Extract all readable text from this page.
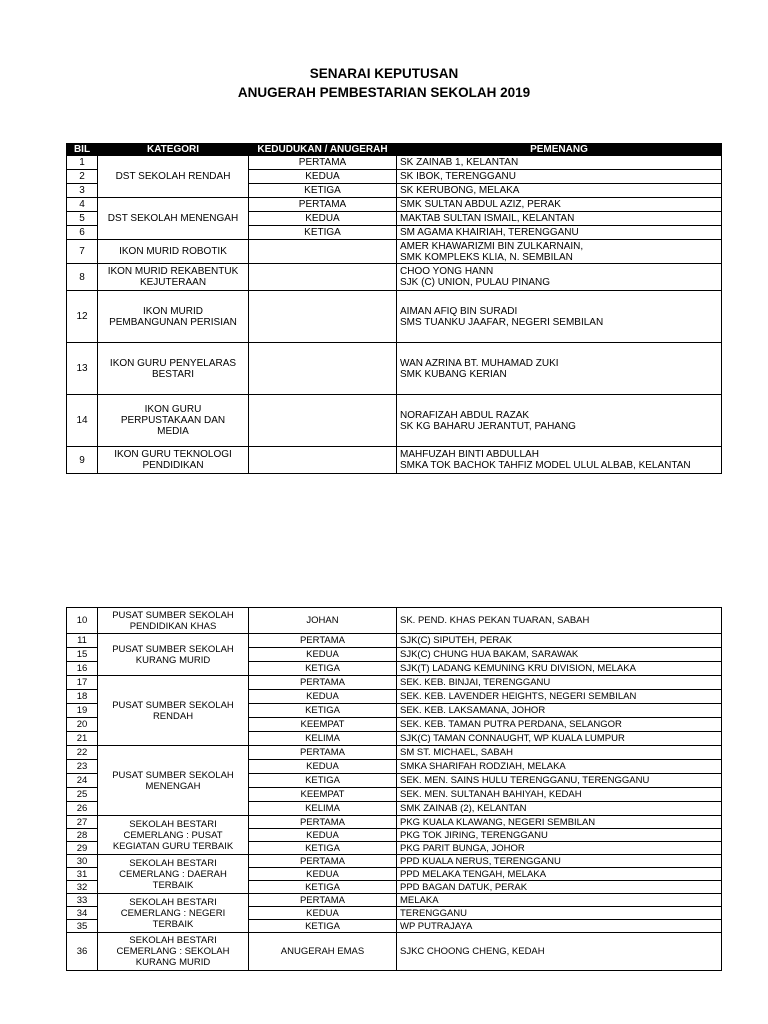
SENARAI KEPUTUSAN
ANUGERAH PEMBESTARIAN SEKOLAH 2019
BIL	KATEGORI	KEDUDUKAN / ANUGERAH	PEMENANG
1	DST SEKOLAH RENDAH	PERTAMA	SK ZAINAB 1, KELANTAN
2		KEDUA	SK IBOK, TERENGGANU
3		KETIGA	SK KERUBONG, MELAKA
4	DST SEKOLAH MENENGAH	PERTAMA	SMK SULTAN ABDUL AZIZ, PERAK
5		KEDUA	MAKTAB SULTAN ISMAIL, KELANTAN
6		KETIGA	SM AGAMA KHAIRIAH, TERENGGANU
7	IKON MURID ROBOTIK		AMER KHAWARIZMI BIN ZULKARNAIN,
SMK KOMPLEKS KLIA, N. SEMBILAN
8	IKON MURID REKABENTUK
KEJUTERAAN		CHOO YONG HANN
SJK (C) UNION, PULAU PINANG
12	IKON MURID
PEMBANGUNAN PERISIAN		AIMAN AFIQ BIN SURADI
SMS TUANKU JAAFAR, NEGERI SEMBILAN
13	IKON GURU PENYELARAS
BESTARI		WAN AZRINA BT. MUHAMAD ZUKI
SMK KUBANG KERIAN
14	IKON GURU
PERPUSTAKAAN DAN
MEDIA		NORAFIZAH ABDUL RAZAK
SK KG BAHARU JERANTUT, PAHANG
9	IKON GURU TEKNOLOGI
PENDIDIKAN		MAHFUZAH BINTI ABDULLAH
SMKA TOK BACHOK TAHFIZ MODEL ULUL ALBAB, KELANTAN
10	PUSAT SUMBER SEKOLAH
PENDIDIKAN KHAS	JOHAN	SK. PEND. KHAS PEKAN TUARAN, SABAH
11	PUSAT SUMBER SEKOLAH
KURANG MURID	PERTAMA	SJK(C) SIPUTEH, PERAK
15		KEDUA	SJK(C) CHUNG HUA BAKAM, SARAWAK
16		KETIGA	SJK(T) LADANG KEMUNING KRU DIVISION, MELAKA
17	PUSAT SUMBER SEKOLAH
RENDAH	PERTAMA	SEK. KEB. BINJAI, TERENGGANU
18		KEDUA	SEK. KEB. LAVENDER HEIGHTS, NEGERI SEMBILAN
19		KETIGA	SEK. KEB. LAKSAMANA, JOHOR
20		KEEMPAT	SEK. KEB. TAMAN PUTRA PERDANA, SELANGOR
21		KELIMA	SJK(C) TAMAN CONNAUGHT, WP KUALA LUMPUR
22	PUSAT SUMBER SEKOLAH
MENENGAH	PERTAMA	SM ST. MICHAEL, SABAH
23		KEDUA	SMKA SHARIFAH RODZIAH, MELAKA
24		KETIGA	SEK. MEN. SAINS HULU TERENGGANU, TERENGGANU
25		KEEMPAT	SEK. MEN. SULTANAH BAHIYAH, KEDAH
26		KELIMA	SMK ZAINAB (2), KELANTAN
27	SEKOLAH BESTARI
CEMERLANG : PUSAT
KEGIATAN GURU TERBAIK	PERTAMA	PKG KUALA KLAWANG, NEGERI SEMBILAN
28		KEDUA	PKG TOK JIRING, TERENGGANU
29		KETIGA	PKG PARIT BUNGA, JOHOR
30	SEKOLAH BESTARI
CEMERLANG : DAERAH
TERBAIK	PERTAMA	PPD KUALA NERUS, TERENGGANU
31		KEDUA	PPD MELAKA TENGAH, MELAKA
32		KETIGA	PPD BAGAN DATUK, PERAK
33	SEKOLAH BESTARI
CEMERLANG : NEGERI
TERBAIK	PERTAMA	MELAKA
34		KEDUA	TERENGGANU
35		KETIGA	WP PUTRAJAYA
36	SEKOLAH BESTARI
CEMERLANG : SEKOLAH
KURANG MURID	ANUGERAH EMAS	SJKC CHOONG CHENG, KEDAH
